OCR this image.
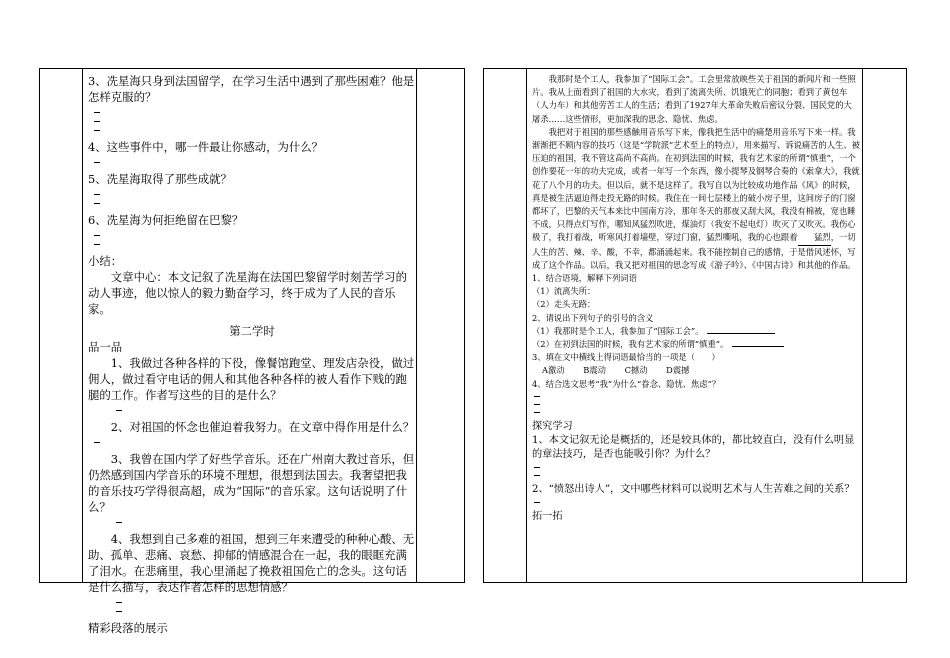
3、冼星海只身到法国留学，在学习生活中遇到了那些困难？他是怎样克服的？

4、这些事件中，哪一件最让你感动，为什么？

5、冼星海取得了那些成就？

6、冼星海为何拒绝留在巴黎？

小结：

文章中心：本文记叙了冼星海在法国巴黎留学时刻苦学习的动人事迹，他以惊人的毅力勤奋学习，终于成为了人民的音乐家。

第二学时

品一品

1、我做过各种各样的下役，像餐馆跑堂、理发店杂役，做过佣人，做过看守电话的佣人和其他各种各样的被人看作下贱的跑腿的工作。作者写这些的目的是什么？

2、对祖国的怀念也催迫着我努力。在文章中得作用是什么？

3、我曾在国内学了好些学音乐。还在广州南大教过音乐，但仍然感到国内学音乐的环境不理想，很想到法国去。我奢望把我的音乐技巧学得很高超，成为“国际”的音乐家。这句话说明了什么？

4、我想到自己多难的祖国，想到三年来遭受的种种心酸、无助、孤单、悲痛、哀愁、抑郁的情感混合在一起，我的眼眶充满了泪水。在悲痛里，我心里涌起了挽救祖国危亡的念头。这句话是什么描写，表达作者怎样的思想情感？

精彩段落的展示

我那时是个工人，我参加了“国际工会”。工会里常放映些关于祖国的新闻片和一些照片。我从上面看到了祖国的大水灾，看到了流离失所、饥饿死亡的同胞；看到了黄包车（人力车）和其他劳苦工人的生活；看到了1927年大革命失败后密议分裂、国民党的大屠杀……这些情形，更加深我的思念、隐忧、焦虑。

我把对于祖国的那些感触用音乐写下来，像我把生活中的痛楚用音乐写下来一样。我渐渐把不顾内容的技巧（这是“学院派”艺术至上的特点），用来描写、诉说痛苦的人生、被压迫的祖国，我不管这高尚不高尚。在初到法国的时候，我有艺术家的所谓“慎重”，一个创作要花一年的功夫完成，或者一年写一个东西，像小提琴及钢琴合奏的《索拿大》，我就花了八个月的功夫。但以后，就不是这样了。我写自以为比较成功地作品《风》的时候，真是被生活逼迫得走投无路的时候。我住在一间七层楼上的破小房子里，这间房子的门窗都坏了，巴黎的天气本来比中国南方冷，那年冬天的那夜又刮大风，我没有棉被，宽也睡不成，只得点灯写作，哪知风猛烈吹进，煤油灯（我安不起电灯）吹灭了又吹灭。我伤心极了，我打着战，听寒风打着墙壁，穿过门窗，猛烈嘶吼，我的心也跟着 猛烈，一切人生的苦、辣、辛、酸，不幸，都涌涌起来。我不能控制自己的感情，于是借风述怀，写成了这个作品。以后，我又把对祖国的思念写成《游子吟》、《中国古诗》和其他的作品。

1、结合语境，解释下列词语

（1）流离失所：

（2）走头无路：

2、请说出下列句子的引号的含义

（1）我那时是个工人，我参加了“国际工会”。

（2）在初到法国的时候，我有艺术家的所谓“慎重”。

3、填在文中横线上得词语最恰当的一项是（　　）

A激动 B震动 C撼动 D震撼

4、结合选文思考“我”为什么“眷念、隐忧、焦虑”？

探究学习

1、本文记叙无论是概括的，还是较具体的，都比较直白，没有什么明显的章法技巧，是否也能吸引你？为什么？

2、“愤怒出诗人”，文中哪些材料可以说明艺术与人生苦难之间的关系？

拓一拓
